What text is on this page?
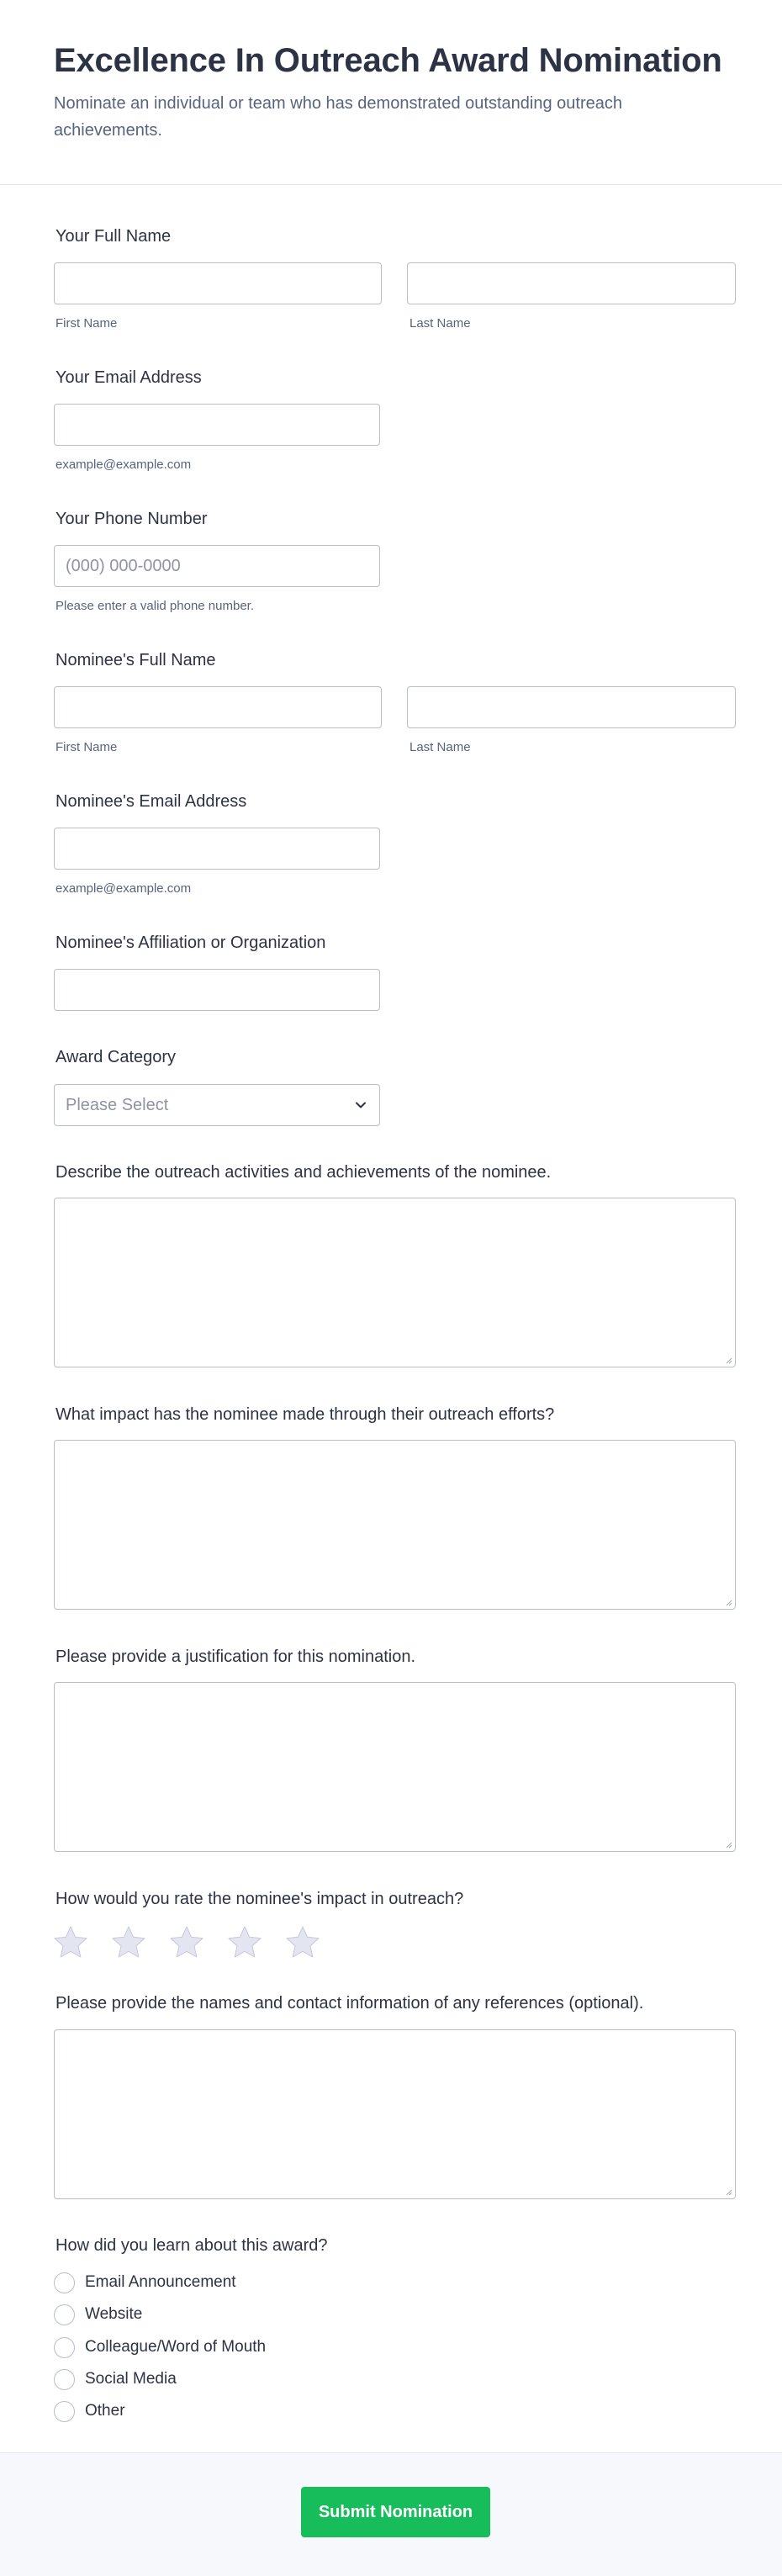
Excellence In Outreach Award Nomination
Nominate an individual or team who has demonstrated outstanding outreach achievements.
Your Full Name
First Name	Last Name
Your Email Address
example@example.com
Your Phone Number
(000) 000-0000
Please enter a valid phone number.
Nominee's Full Name
First Name	Last Name
Nominee's Email Address
example@example.com
Nominee's Affiliation or Organization
Award Category
Please Select
Describe the outreach activities and achievements of the nominee.
What impact has the nominee made through their outreach efforts?
Please provide a justification for this nomination.
How would you rate the nominee's impact in outreach?
Please provide the names and contact information of any references (optional).
How did you learn about this award?
Email Announcement
Website
Colleague/Word of Mouth
Social Media
Other
Submit Nomination
